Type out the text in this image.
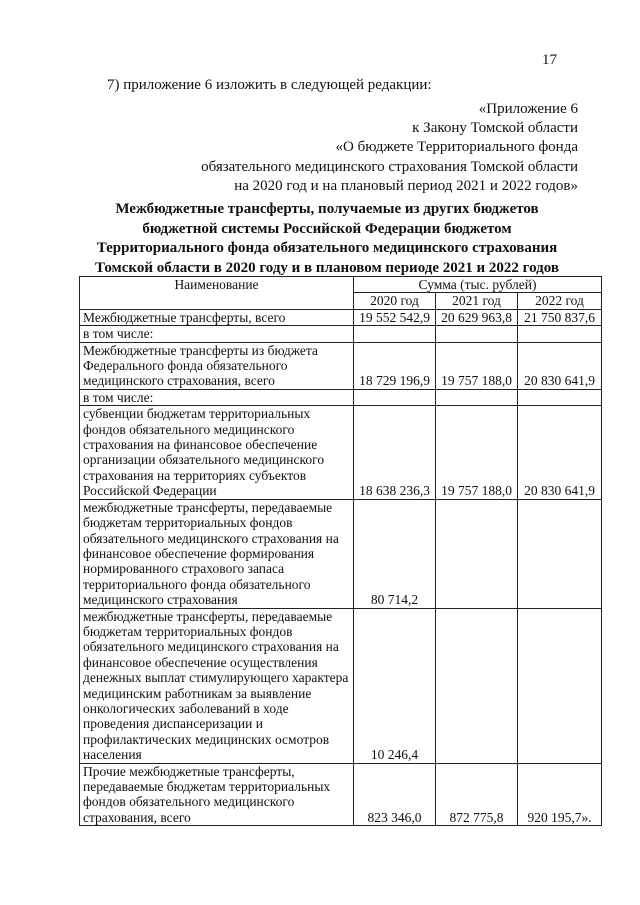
17
7) приложение 6 изложить в следующей редакции:
«Приложение 6
к Закону Томской области
«О бюджете Территориального фонда
обязательного медицинского страхования Томской области
на 2020 год и на плановый период 2021 и 2022 годов»
Межбюджетные трансферты, получаемые из других бюджетов бюджетной системы Российской Федерации бюджетом Территориального фонда обязательного медицинского страхования Томской области в 2020 году и в плановом периоде 2021 и 2022 годов
Наименование	Сумма (тыс. рублей)		
	2020 год	2021 год	2022 год
Межбюджетные трансферты, всего	19 552 542,9	20 629 963,8	21 750 837,6
в том числе:			
Межбюджетные трансферты из бюджета Федерального фонда обязательного медицинского страхования, всего	18 729 196,9	19 757 188,0	20 830 641,9
в том числе:			
субвенции бюджетам территориальных фондов обязательного медицинского страхования на финансовое обеспечение организации обязательного медицинского страхования на территориях субъектов Российской Федерации	18 638 236,3	19 757 188,0	20 830 641,9
межбюджетные трансферты, передаваемые бюджетам территориальных фондов обязательного медицинского страхования на финансовое обеспечение формирования нормированного страхового запаса территориального фонда обязательного медицинского страхования	80 714,2		
межбюджетные трансферты, передаваемые бюджетам территориальных фондов обязательного медицинского страхования на финансовое обеспечение осуществления денежных выплат стимулирующего характера медицинским работникам за выявление онкологических заболеваний в ходе проведения диспансеризации и профилактических медицинских осмотров населения	10 246,4		
Прочие межбюджетные трансферты, передаваемые бюджетам территориальных фондов обязательного медицинского страхования, всего	823 346,0	872 775,8	920 195,7».
